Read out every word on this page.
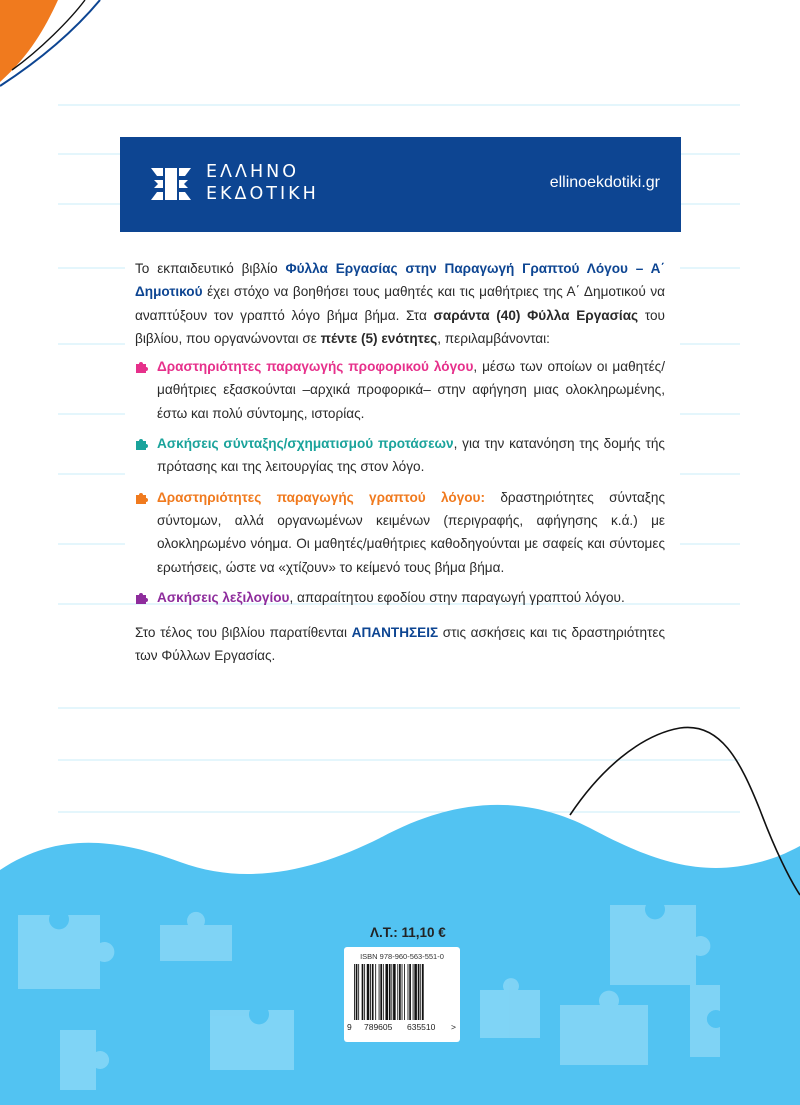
ΕΛΛΗΝΟ
ΕΚΔΟΤΙΚΗ
ellinoekdotiki.gr
Το εκπαιδευτικό βιβλίο Φύλλα Εργασίας στην Παραγωγή Γραπτού Λόγου – Α΄ Δημοτικού έχει στόχο να βοηθήσει τους μαθητές και τις μαθήτριες της Α΄ Δημοτικού να αναπτύξουν τον γραπτό λόγο βήμα βήμα. Στα σαράντα (40) Φύλλα Εργασίας του βιβλίου, που οργανώνονται σε πέντε (5) ενότητες, περιλαμβάνονται:
Δραστηριότητες παραγωγής προφορικού λόγου, μέσω των οποίων οι μαθητές/μαθήτριες εξασκούνται –αρχικά προφορικά– στην αφήγηση μιας ολοκληρωμένης, έστω και πολύ σύντομης, ιστορίας.
Ασκήσεις σύνταξης/σχηματισμού προτάσεων, για την κατανόηση της δομής τής πρότασης και της λειτουργίας της στον λόγο.
Δραστηριότητες παραγωγής γραπτού λόγου: δραστηριότητες σύνταξης σύντομων, αλλά οργανωμένων κειμένων (περιγραφής, αφήγησης κ.ά.) με ολοκληρωμένο νόημα. Οι μαθητές/μαθήτριες καθοδηγούνται με σαφείς και σύντομες ερωτήσεις, ώστε να «χτίζουν» το κείμενό τους βήμα βήμα.
Ασκήσεις λεξιλογίου, απαραίτητου εφοδίου στην παραγωγή γραπτού λόγου.
Στο τέλος του βιβλίου παρατίθενται ΑΠΑΝΤΗΣΕΙΣ στις ασκήσεις και τις δραστηριότητες των Φύλλων Εργασίας.
Λ.Τ.: 11,10 €
ISBN 978-960-563-551-0
9 789605 635510 >
